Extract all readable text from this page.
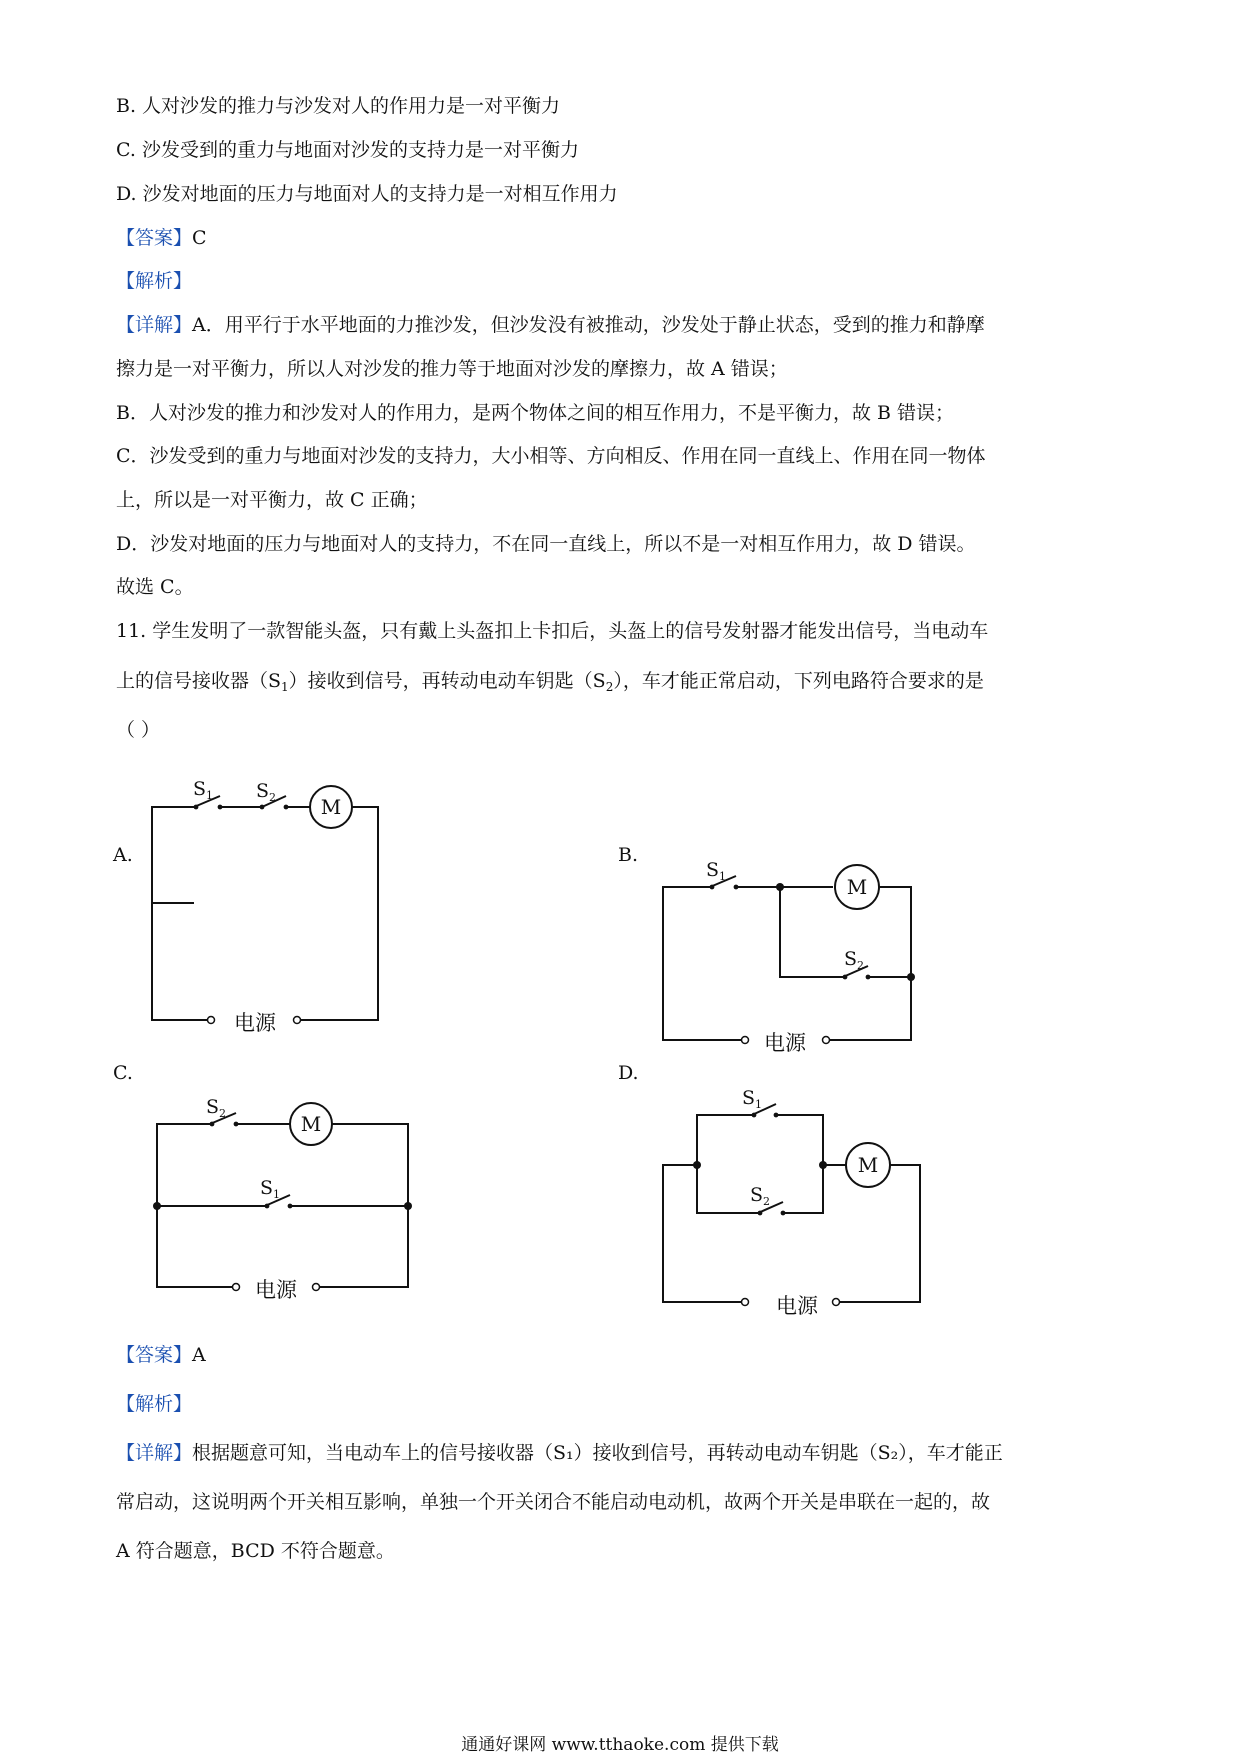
B. 人对沙发的推力与沙发对人的作用力是一对平衡力
C. 沙发受到的重力与地面对沙发的支持力是一对平衡力
D. 沙发对地面的压力与地面对人的支持力是一对相互作用力
【答案】C
【解析】
【详解】A．用平行于水平地面的力推沙发，但沙发没有被推动，沙发处于静止状态，受到的推力和静摩
擦力是一对平衡力，所以人对沙发的推力等于地面对沙发的摩擦力，故 A 错误；
B．人对沙发的推力和沙发对人的作用力，是两个物体之间的相互作用力，不是平衡力，故 B 错误；
C．沙发受到的重力与地面对沙发的支持力，大小相等、方向相反、作用在同一直线上、作用在同一物体
上，所以是一对平衡力，故 C 正确；
D．沙发对地面的压力与地面对人的支持力，不在同一直线上，所以不是一对相互作用力，故 D 错误。
故选 C。
11. 学生发明了一款智能头盔，只有戴上头盔扣上卡扣后，头盔上的信号发射器才能发出信号，当电动车
上的信号接收器$(S_1)$接收到信号，再转动电动车钥匙$(S_2)$，车才能正常启动，下列电路符合要求的是
（ ）
A.	B.
C.	D.
$S_1$ $S_2$ M
电源
$S_1$
$S_2$
M
电源
$S_2$
$S_1$
M
电源
$S_1$
$S_2$
M
电源
【答案】A
【解析】
【详解】根据题意可知，当电动车上的信号接收器（S₁）接收到信号，再转动电动车钥匙（S₂），车才能正
常启动，这说明两个开关相互影响，单独一个开关闭合不能启动电动机，故两个开关是串联在一起的，故
A 符合题意，BCD 不符合题意。
通通好课网 www.tthaoke.com 提供下载
